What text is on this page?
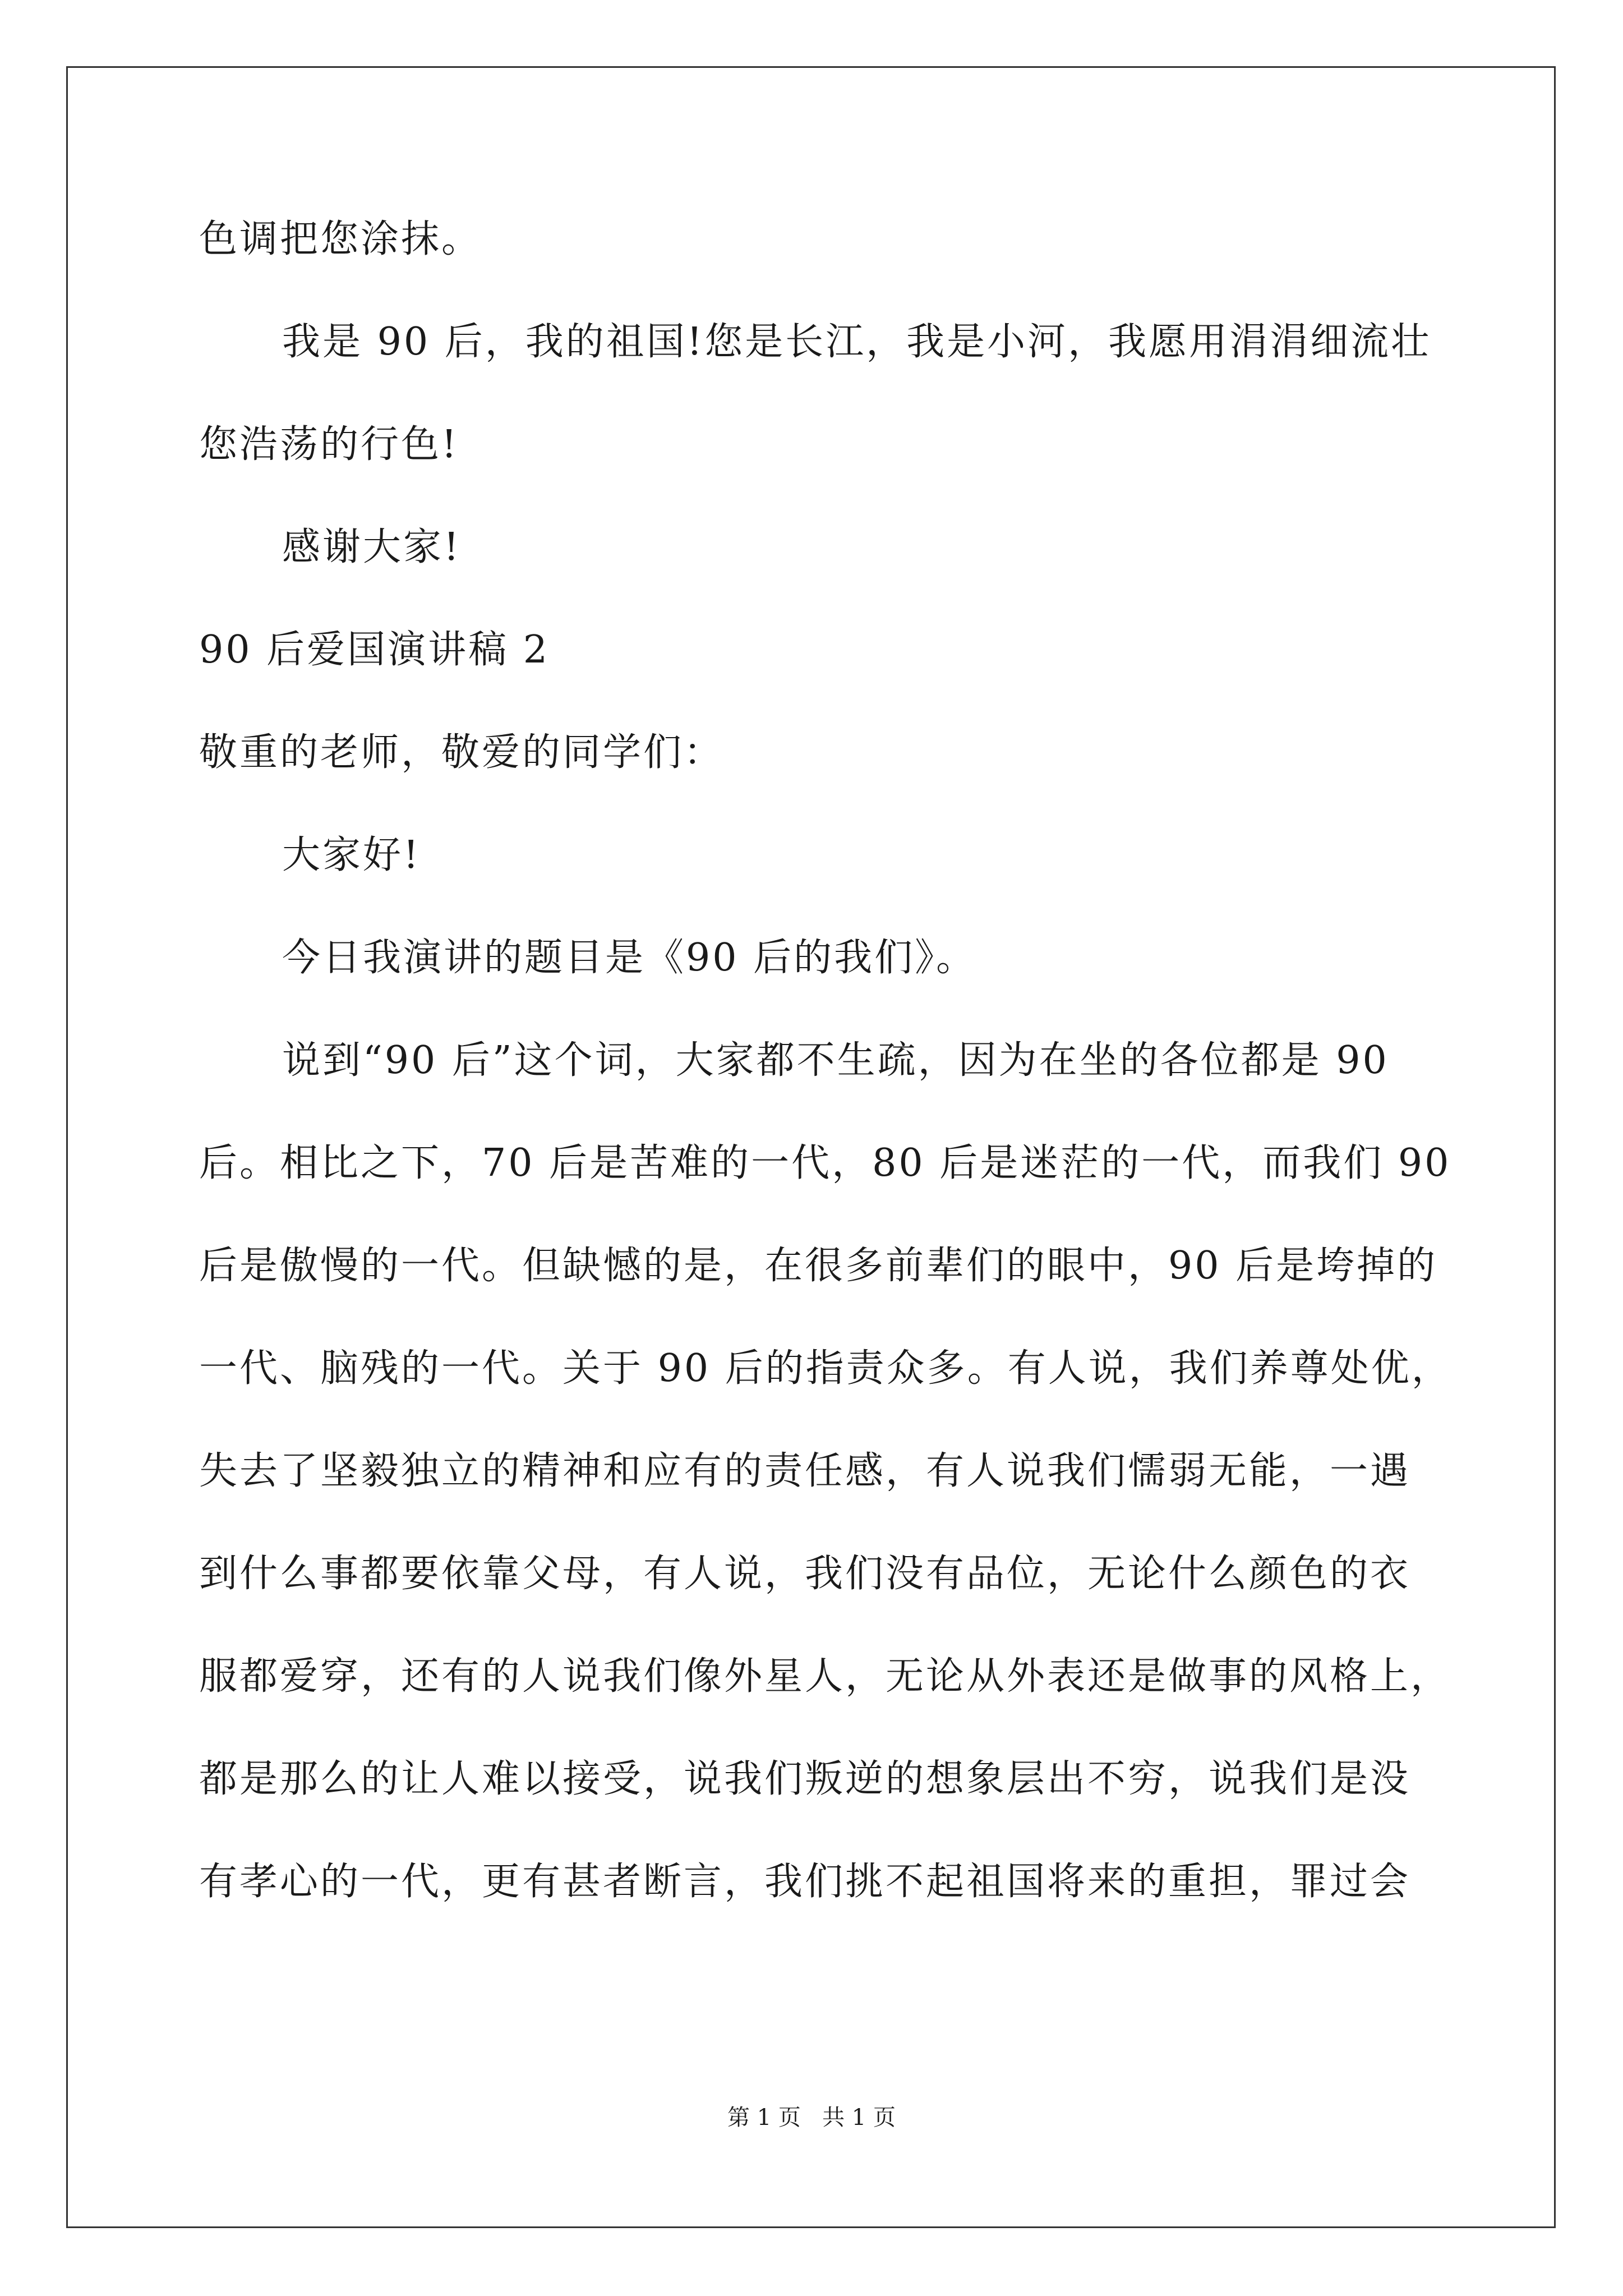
色调把您涂抹。
我是 90 后，我的祖国!您是长江，我是小河，我愿用涓涓细流壮
您浩荡的行色!
感谢大家!
90 后爱国演讲稿 2
敬重的老师，敬爱的同学们：
大家好!
今日我演讲的题目是《90 后的我们》。
说到“90 后”这个词，大家都不生疏，因为在坐的各位都是 90
后。相比之下，70 后是苦难的一代，80 后是迷茫的一代，而我们 90
后是傲慢的一代。但缺憾的是，在很多前辈们的眼中，90 后是垮掉的
一代、脑残的一代。关于 90 后的指责众多。有人说，我们养尊处优，
失去了坚毅独立的精神和应有的责任感，有人说我们懦弱无能，一遇
到什么事都要依靠父母，有人说，我们没有品位，无论什么颜色的衣
服都爱穿，还有的人说我们像外星人，无论从外表还是做事的风格上，
都是那么的让人难以接受，说我们叛逆的想象层出不穷，说我们是没
有孝心的一代，更有甚者断言，我们挑不起祖国将来的重担，罪过会
第 1 页   共 1 页
